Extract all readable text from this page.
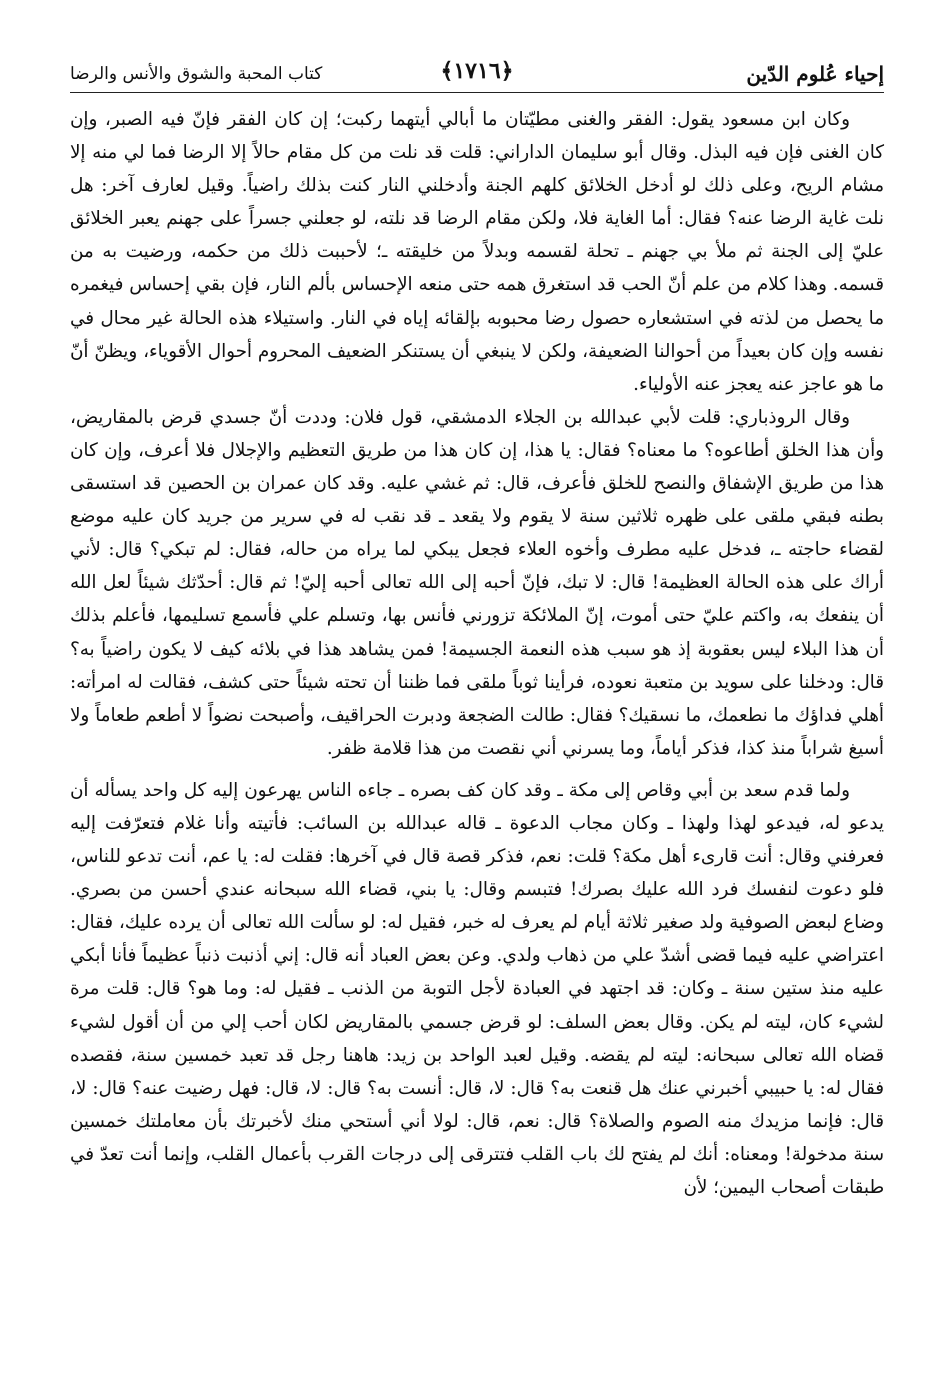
إحياء عُلوم الدّين
﴿١٧١٦﴾
كتاب المحبة والشوق والأنس والرضا

وكان ابن مسعود يقول: الفقر والغنى مطيّتان ما أبالي أيتهما ركبت؛ إن كان الفقر فإنّ فيه الصبر، وإن كان الغنى فإن فيه البذل. وقال أبو سليمان الداراني: قلت قد نلت من كل مقام حالاً إلا الرضا فما لي منه إلا مشام الريح، وعلى ذلك لو أدخل الخلائق كلهم الجنة وأدخلني النار كنت بذلك راضياً. وقيل لعارف آخر: هل نلت غاية الرضا عنه؟ فقال: أما الغاية فلا، ولكن مقام الرضا قد نلته، لو جعلني جسراً على جهنم يعبر الخلائق عليّ إلى الجنة ثم ملأ بي جهنم ـ تحلة لقسمه وبدلاً من خليقته ـ؛ لأحببت ذلك من حكمه، ورضيت به من قسمه. وهذا كلام من علم أنّ الحب قد استغرق همه حتى منعه الإحساس بألم النار، فإن بقي إحساس فيغمره ما يحصل من لذته في استشعاره حصول رضا محبوبه بإلقائه إياه في النار. واستيلاء هذه الحالة غير محال في نفسه وإن كان بعيداً من أحوالنا الضعيفة، ولكن لا ينبغي أن يستنكر الضعيف المحروم أحوال الأقوياء، ويظنّ أنّ ما هو عاجز عنه يعجز عنه الأولياء.

وقال الروذباري: قلت لأبي عبدالله بن الجلاء الدمشقي، قول فلان: وددت أنّ جسدي قرض بالمقاريض، وأن هذا الخلق أطاعوه؟ ما معناه؟ فقال: يا هذا، إن كان هذا من طريق التعظيم والإجلال فلا أعرف، وإن كان هذا من طريق الإشفاق والنصح للخلق فأعرف، قال: ثم غشي عليه. وقد كان عمران بن الحصين قد استسقى بطنه فبقي ملقى على ظهره ثلاثين سنة لا يقوم ولا يقعد ـ قد نقب له في سرير من جريد كان عليه موضع لقضاء حاجته ـ، فدخل عليه مطرف وأخوه العلاء فجعل يبكي لما يراه من حاله، فقال: لم تبكي؟ قال: لأني أراك على هذه الحالة العظيمة! قال: لا تبك، فإنّ أحبه إلى الله تعالى أحبه إليّ! ثم قال: أحدّثك شيئاً لعل الله أن ينفعك به، واكتم عليّ حتى أموت، إنّ الملائكة تزورني فأنس بها، وتسلم علي فأسمع تسليمها، فأعلم بذلك أن هذا البلاء ليس بعقوبة إذ هو سبب هذه النعمة الجسيمة! فمن يشاهد هذا في بلائه كيف لا يكون راضياً به؟ قال: ودخلنا على سويد بن متعبة نعوده، فرأينا ثوباً ملقى فما ظننا أن تحته شيئاً حتى كشف، فقالت له امرأته: أهلي فداؤك ما نطعمك، ما نسقيك؟ فقال: طالت الضجعة ودبرت الحراقيف، وأصبحت نضواً لا أطعم طعاماً ولا أسيغ شراباً منذ كذا، فذكر أياماً، وما يسرني أني نقصت من هذا قلامة ظفر.

ولما قدم سعد بن أبي وقاص إلى مكة ـ وقد كان كف بصره ـ جاءه الناس يهرعون إليه كل واحد يسأله أن يدعو له، فيدعو لهذا ولهذا ـ وكان مجاب الدعوة ـ قاله عبدالله بن السائب: فأتيته وأنا غلام فتعرّفت إليه فعرفني وقال: أنت قارىء أهل مكة؟ قلت: نعم، فذكر قصة قال في آخرها: فقلت له: يا عم، أنت تدعو للناس، فلو دعوت لنفسك فرد الله عليك بصرك! فتبسم وقال: يا بني، قضاء الله سبحانه عندي أحسن من بصري. وضاع لبعض الصوفية ولد صغير ثلاثة أيام لم يعرف له خبر، فقيل له: لو سألت الله تعالى أن يرده عليك، فقال: اعتراضي عليه فيما قضى أشدّ علي من ذهاب ولدي. وعن بعض العباد أنه قال: إني أذنبت ذنباً عظيماً فأنا أبكي عليه منذ ستين سنة ـ وكان: قد اجتهد في العبادة لأجل التوبة من الذنب ـ فقيل له: وما هو؟ قال: قلت مرة لشيء كان، ليته لم يكن. وقال بعض السلف: لو قرض جسمي بالمقاريض لكان أحب إلي من أن أقول لشيء قضاه الله تعالى سبحانه: ليته لم يقضه. وقيل لعبد الواحد بن زيد: هاهنا رجل قد تعبد خمسين سنة، فقصده فقال له: يا حبيبي أخبرني عنك هل قنعت به؟ قال: لا، قال: أنست به؟ قال: لا، قال: فهل رضيت عنه؟ قال: لا، قال: فإنما مزيدك منه الصوم والصلاة؟ قال: نعم، قال: لولا أني أستحي منك لأخبرتك بأن معاملتك خمسين سنة مدخولة! ومعناه: أنك لم يفتح لك باب القلب فتترقى إلى درجات القرب بأعمال القلب، وإنما أنت تعدّ في طبقات أصحاب اليمين؛ لأن
